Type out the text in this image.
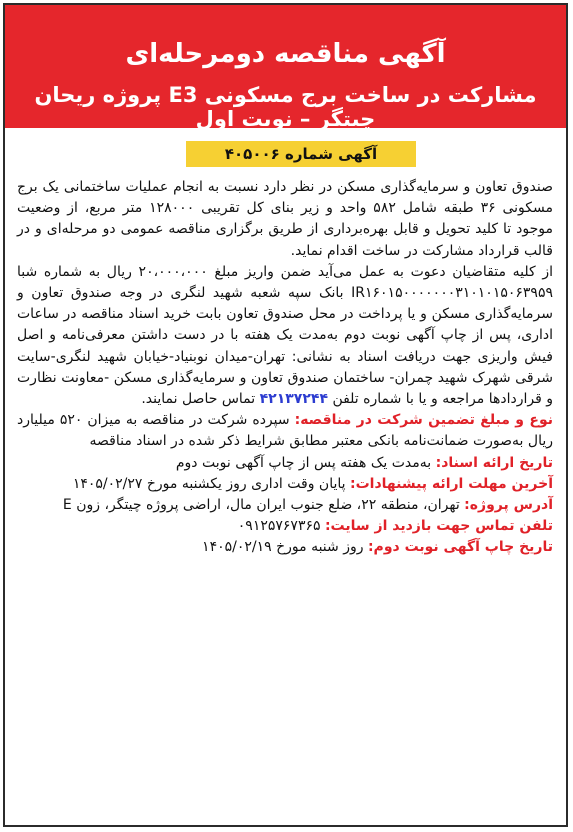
آگهی مناقصه دومرحله‌ای
مشارکت در ساخت برج مسکونی E3 پروژه ریحان چیتگر – نوبت اول
آگهی شماره ۴۰۵۰۰۶

صندوق تعاون و سرمایه‌گذاری مسکن در نظر دارد نسبت به انجام عملیات ساختمانی یک برج مسکونی ۳۶ طبقه شامل ۵۸۲ واحد و زیر بنای کل تقریبی ۱۲۸۰۰۰ متر مربع، از وضعیت موجود تا کلید تحویل و قابل بهره‌برداری از طریق برگزاری مناقصه عمومی دو مرحله‌ای و در قالب قرارداد مشارکت در ساخت اقدام نماید.

از کلیه متقاضیان دعوت به عمل می‌آید ضمن واریز مبلغ ۲۰،۰۰۰،۰۰۰ ریال به شماره شبا IR۱۶۰۱۵۰۰۰۰۰۰۰۳۱۰۱۰۱۵۰۶۳۹۵۹ بانک سپه شعبه شهید لنگری در وجه صندوق تعاون و سرمایه‌گذاری مسکن و یا پرداخت در محل صندوق تعاون بابت خرید اسناد مناقصه در ساعات اداری، پس از چاپ آگهی نوبت دوم به‌مدت یک هفته با در دست داشتن معرفی‌نامه و اصل فیش واریزی جهت دریافت اسناد به نشانی: تهران-میدان نوبنیاد-خیابان شهید لنگری-سایت شرقی شهرک شهید چمران- ساختمان صندوق تعاون و سرمایه‌گذاری مسکن -معاونت نظارت و قراردادها مراجعه و یا با شماره تلفن ۴۲۱۳۷۲۴۴ تماس حاصل نمایند.

نوع و مبلغ تضمین شرکت در مناقصه: سپرده شرکت در مناقصه به میزان ۵۲۰ میلیارد ریال به‌صورت ضمانت‌نامه بانکی معتبر مطابق شرایط ذکر شده در اسناد مناقصه

تاریخ ارائه اسناد: به‌مدت یک هفته پس از چاپ آگهی نوبت دوم

آخرین مهلت ارائه پیشنهادات: پایان وقت اداری روز یکشنبه مورخ ۱۴۰۵/۰۲/۲۷

آدرس پروژه: تهران، منطقه ۲۲، ضلع جنوب ایران مال، اراضی پروژه چیتگر، زون E

تلفن تماس جهت بازدید از سایت: ۰۹۱۲۵۷۶۷۳۶۵

تاریخ چاپ آگهی نوبت دوم: روز شنبه مورخ ۱۴۰۵/۰۲/۱۹
